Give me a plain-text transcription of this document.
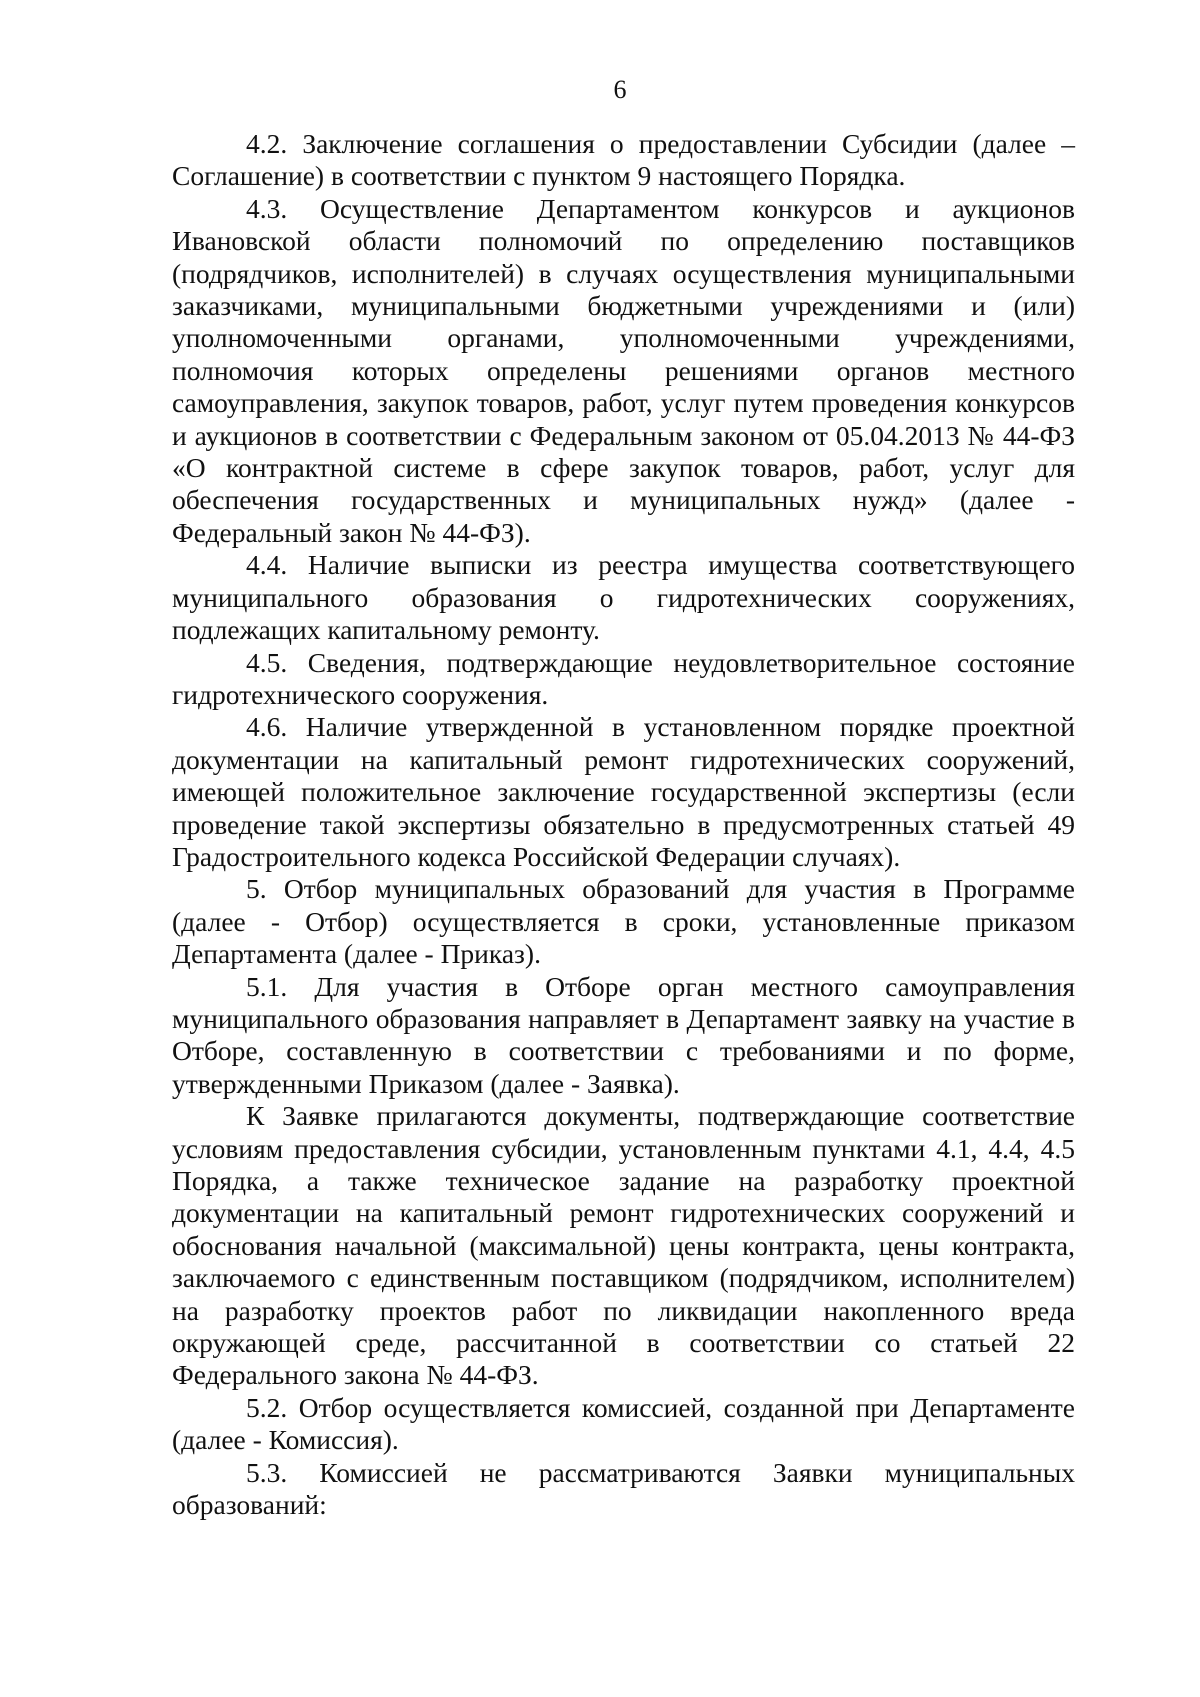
6

4.2. Заключение соглашения о предоставлении Субсидии (далее – Соглашение) в соответствии с пунктом 9 настоящего Порядка.

4.3. Осуществление Департаментом конкурсов и аукционов Ивановской области полномочий по определению поставщиков (подрядчиков, исполнителей) в случаях осуществления муниципальными заказчиками, муниципальными бюджетными учреждениями и (или) уполномоченными органами, уполномоченными учреждениями, полномочия которых определены решениями органов местного самоуправления, закупок товаров, работ, услуг путем проведения конкурсов и аукционов в соответствии с Федеральным законом от 05.04.2013 № 44-ФЗ «О контрактной системе в сфере закупок товаров, работ, услуг для обеспечения государственных и муниципальных нужд» (далее - Федеральный закон № 44-ФЗ).

4.4. Наличие выписки из реестра имущества соответствующего муниципального образования о гидротехнических сооружениях, подлежащих капитальному ремонту.

4.5. Сведения, подтверждающие неудовлетворительное состояние гидротехнического сооружения.

4.6. Наличие утвержденной в установленном порядке проектной документации на капитальный ремонт гидротехнических сооружений, имеющей положительное заключение государственной экспертизы (если проведение такой экспертизы обязательно в предусмотренных статьей 49 Градостроительного кодекса Российской Федерации случаях).

5. Отбор муниципальных образований для участия в Программе (далее - Отбор) осуществляется в сроки, установленные приказом Департамента (далее - Приказ).

5.1. Для участия в Отборе орган местного самоуправления муниципального образования направляет в Департамент заявку на участие в Отборе, составленную в соответствии с требованиями и по форме, утвержденными Приказом (далее - Заявка).

К Заявке прилагаются документы, подтверждающие соответствие условиям предоставления субсидии, установленным пунктами 4.1, 4.4, 4.5 Порядка, а также техническое задание на разработку проектной документации на капитальный ремонт гидротехнических сооружений и обоснования начальной (максимальной) цены контракта, цены контракта, заключаемого с единственным поставщиком (подрядчиком, исполнителем) на разработку проектов работ по ликвидации накопленного вреда окружающей среде, рассчитанной в соответствии со статьей 22 Федерального закона № 44-ФЗ.

5.2. Отбор осуществляется комиссией, созданной при Департаменте (далее - Комиссия).

5.3. Комиссией не рассматриваются Заявки муниципальных образований:
